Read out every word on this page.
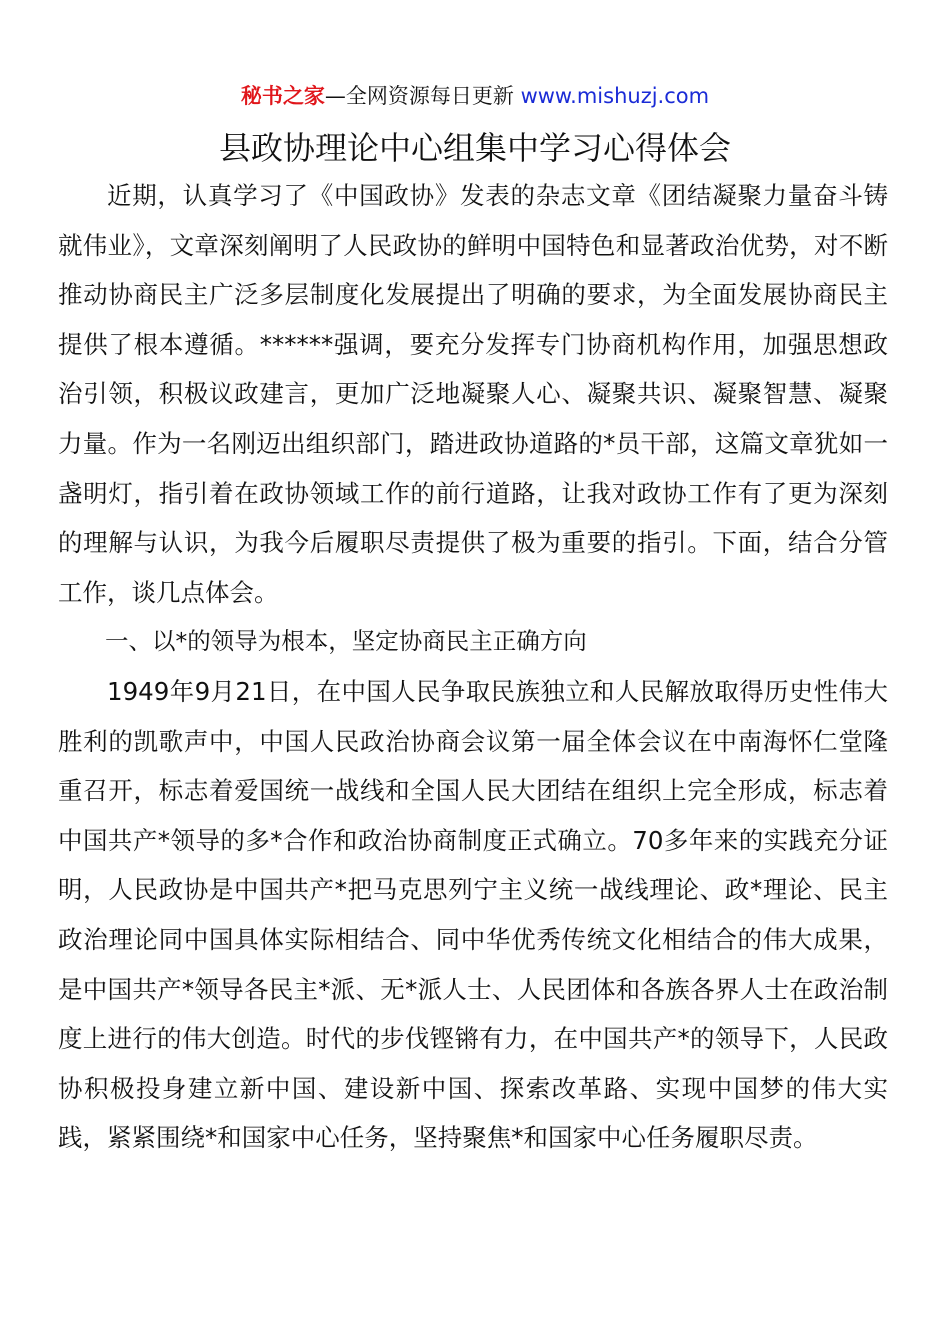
秘书之家—全网资源每日更新 www.mishuzj.com
县政协理论中心组集中学习心得体会

近期，认真学习了《中国政协》发表的杂志文章《团结凝聚力量奋斗铸就伟业》，文章深刻阐明了人民政协的鲜明中国特色和显著政治优势，对不断推动协商民主广泛多层制度化发展提出了明确的要求，为全面发展协商民主提供了根本遵循。******强调，要充分发挥专门协商机构作用，加强思想政治引领，积极议政建言，更加广泛地凝聚人心、凝聚共识、凝聚智慧、凝聚力量。作为一名刚迈出组织部门，踏进政协道路的*员干部，这篇文章犹如一盏明灯，指引着在政协领域工作的前行道路，让我对政协工作有了更为深刻的理解与认识，为我今后履职尽责提供了极为重要的指引。下面，结合分管工作，谈几点体会。

一、以*的领导为根本，坚定协商民主正确方向

1949年9月21日，在中国人民争取民族独立和人民解放取得历史性伟大胜利的凯歌声中，中国人民政治协商会议第一届全体会议在中南海怀仁堂隆重召开，标志着爱国统一战线和全国人民大团结在组织上完全形成，标志着中国共产*领导的多*合作和政治协商制度正式确立。70多年来的实践充分证明，人民政协是中国共产*把马克思列宁主义统一战线理论、政*理论、民主政治理论同中国具体实际相结合、同中华优秀传统文化相结合的伟大成果，是中国共产*领导各民主*派、无*派人士、人民团体和各族各界人士在政治制度上进行的伟大创造。时代的步伐铿锵有力，在中国共产*的领导下，人民政协积极投身建立新中国、建设新中国、探索改革路、实现中国梦的伟大实践，紧紧围绕*和国家中心任务，坚持聚焦*和国家中心任务履职尽责。
